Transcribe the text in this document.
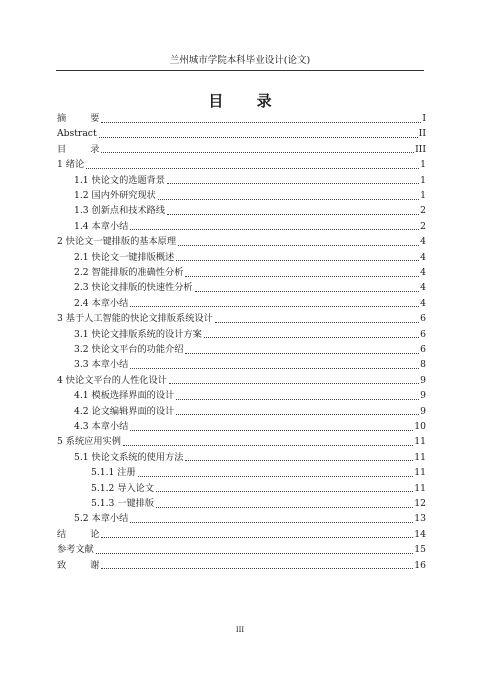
兰州城市学院本科毕业设计(论文)
目 录
摘要	I
Abstract	II
目录	III
1 绪论	1
1.1 快论文的选题背景	1
1.2 国内外研究现状	1
1.3 创新点和技术路线	2
1.4 本章小结	2
2 快论文一键排版的基本原理	4
2.1 快论文一键排版概述	4
2.2 智能排版的准确性分析	4
2.3 快论文排版的快速性分析	4
2.4 本章小结	4
3 基于人工智能的快论文排版系统设计	6
3.1 快论文排版系统的设计方案	6
3.2 快论文平台的功能介绍	6
3.3 本章小结	8
4 快论文平台的人性化设计	9
4.1 模板选择界面的设计	9
4.2 论文编辑界面的设计	9
4.3 本章小结	10
5 系统应用实例	11
5.1 快论文系统的使用方法	11
5.1.1 注册	11
5.1.2 导入论文	11
5.1.3 一键排版	12
5.2 本章小结	13
结论	14
参考文献	15
致谢	16
III
